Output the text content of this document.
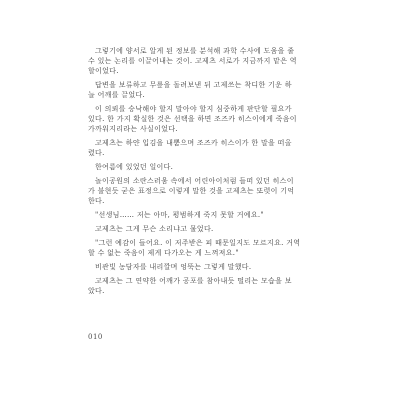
그렇기에 양서로 알게 된 정보를 분석해 과학 수사에 도움을 줄
수 있는 논리를 이끌어내는 것이. 고제츠 서로가 지금까지 맡은 역
할이었다.
답변을 보류하고 무릎을 돌려보낸 뒤 고제쓰는 착디한 기운 하
늘 어깨를 끌었다.
이 의뢰를 승낙해야 할지 말아야 할지 심중하게 판단할 필요가
있다. 한 가지 확실한 것은 선택을 하면 조즈카 히스이에게 죽음이
가까워지리라는 사실이었다.
고제츠는 하얀 입김을 내뿜으며 조즈카 히스이가 한 말을 떠올
렸다.
한여름에 있었던 일이다.
놀이공원의 소란스러움 속에서 어린아이처럼 들떠 있던 히스이
가 불현듯 굳은 표정으로 이렇게 말한 것을 고제츠는 또렷이 기억
한다.
"선생님…… 저는 아마, 평범하게 죽지 못할 거예요."
고제츠는 그게 무슨 소리냐고 물었다.
"그런 예감이 들어요. 이 저주받은 피 때문일지도 모르지요. 거역
할 수 없는 죽음이 제게 다가오는 게 느껴져요."
비관빛 농담자를 내리깔며 엉뚝는 그렇게 말했다.
고제츠는 그 연약한 어깨가 공포를 참아내듯 떨리는 모습을 보
았다.
010
